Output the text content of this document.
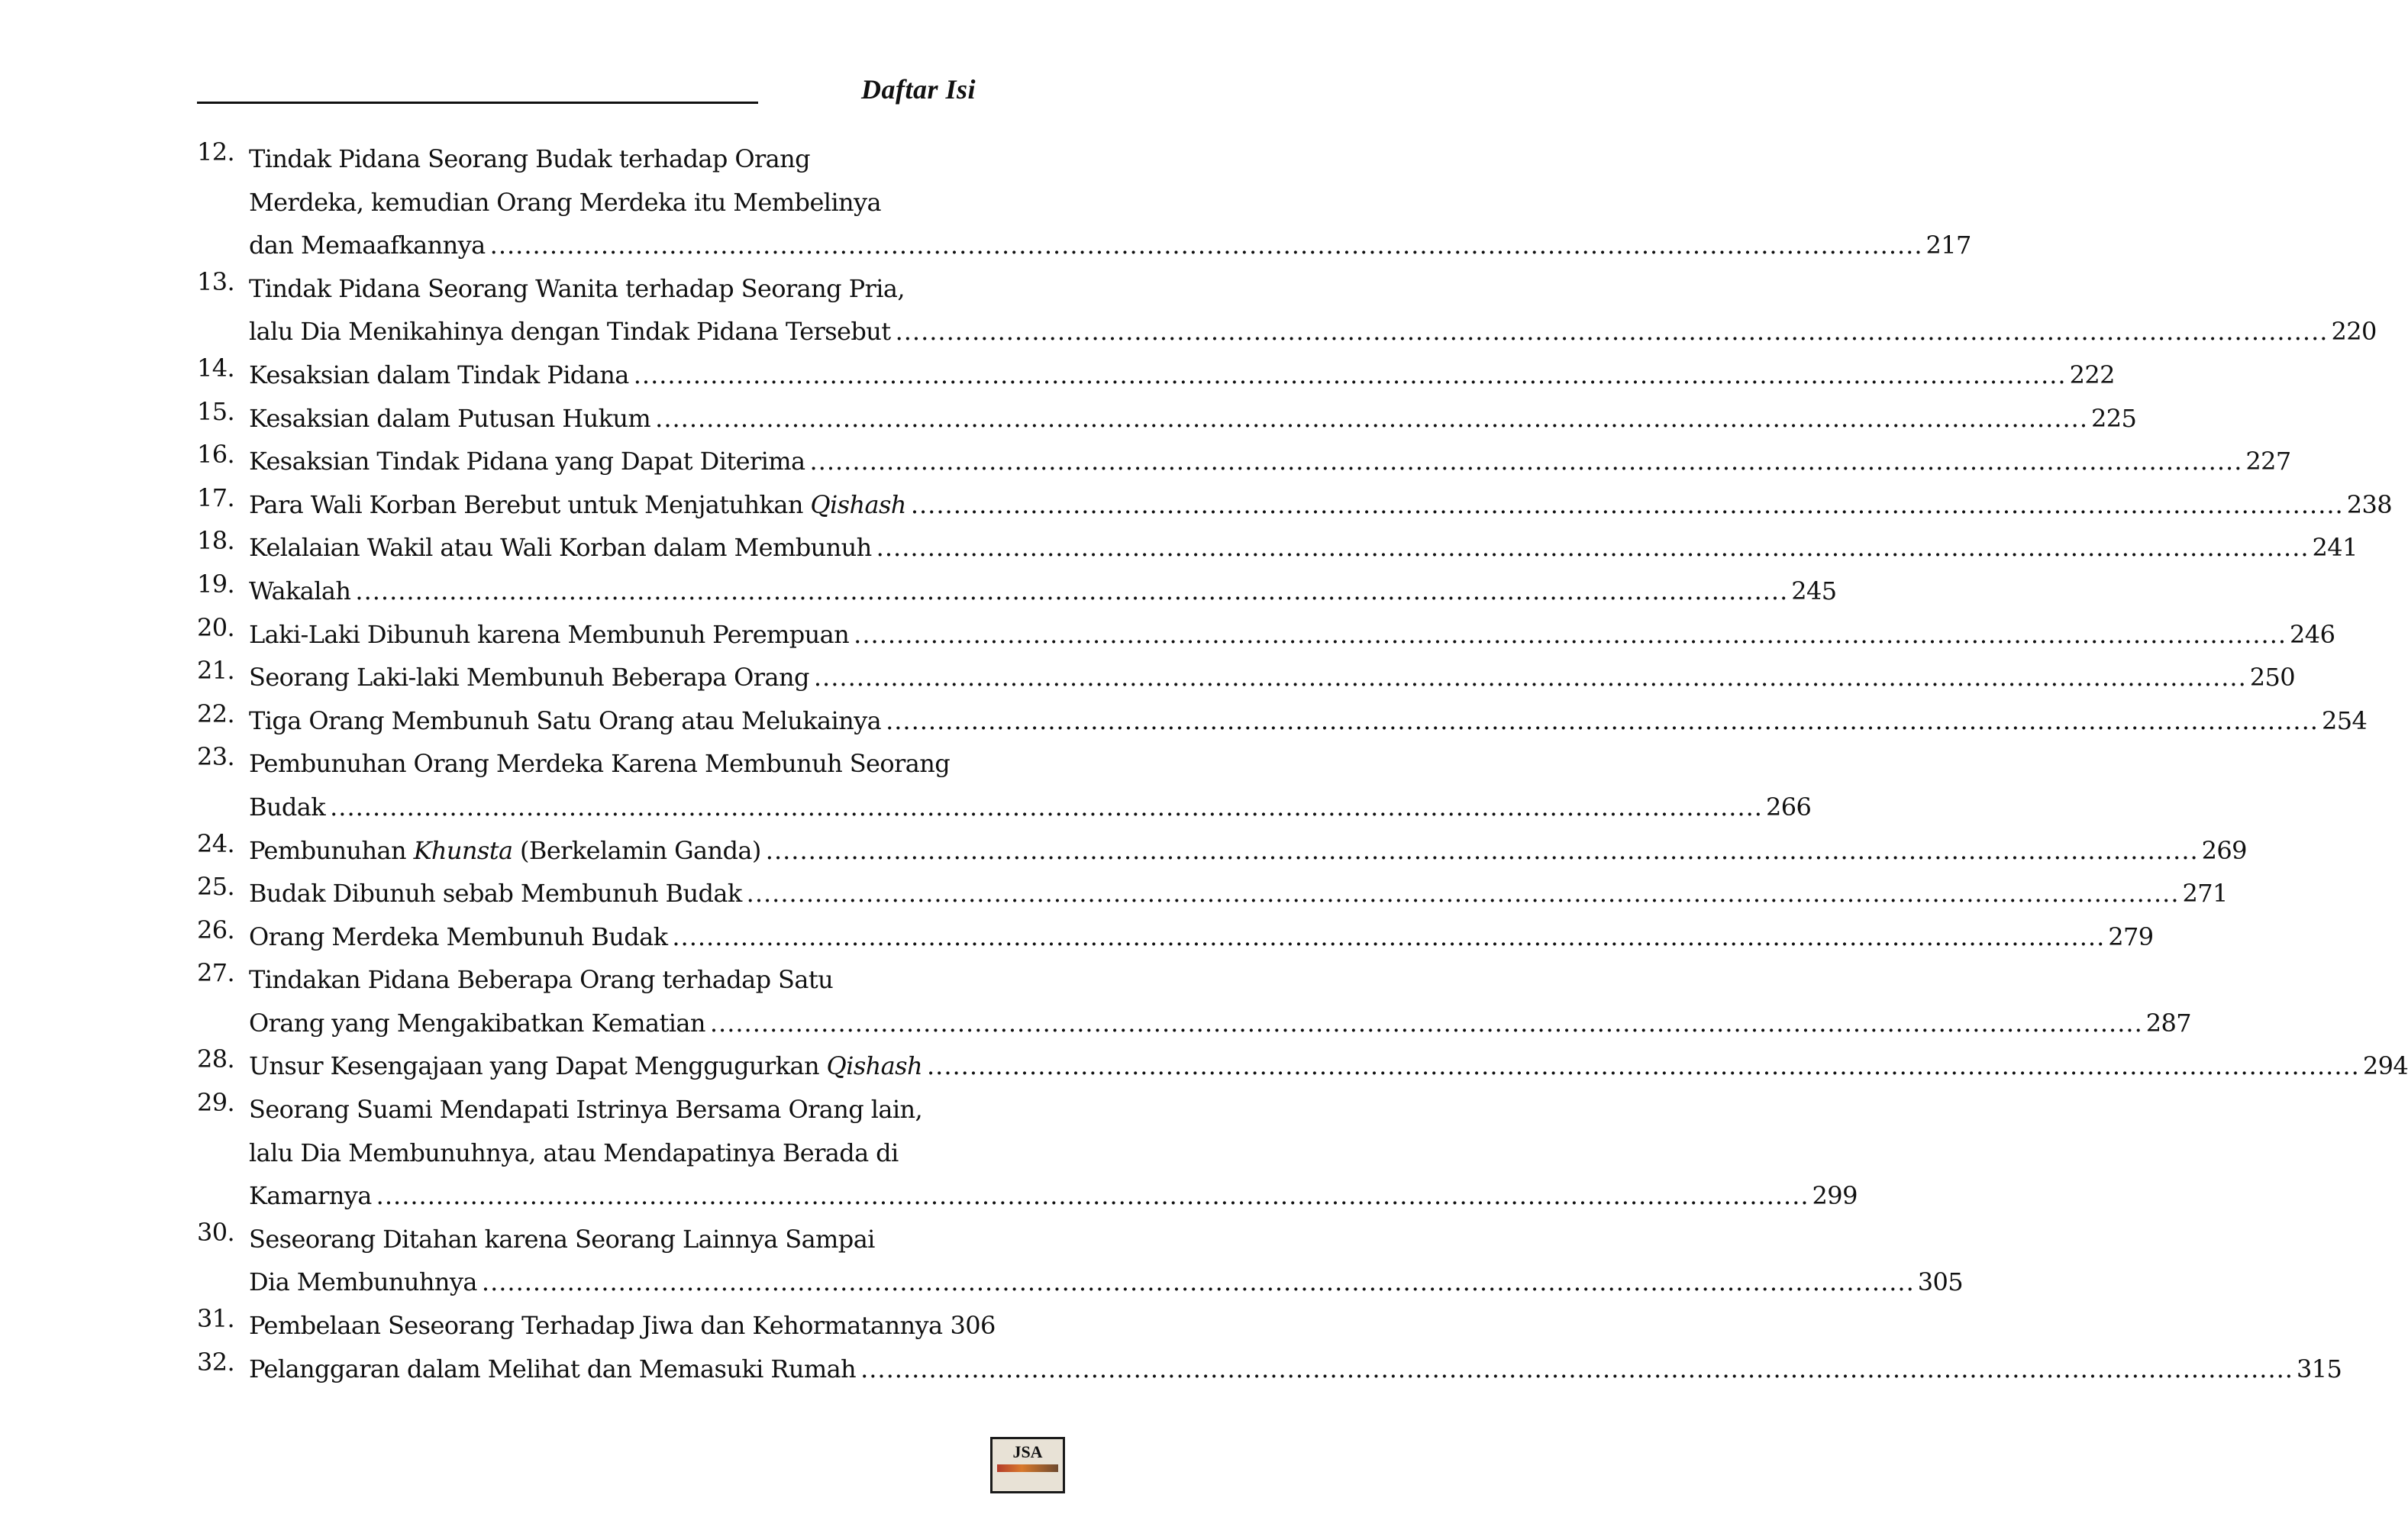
Daftar Isi
12. Tindak Pidana Seorang Budak terhadap Orang
Merdeka, kemudian Orang Merdeka itu Membelinya
dan Memaafkannya .....	217
13. Tindak Pidana Seorang Wanita terhadap Seorang Pria,
lalu Dia Menikahinya dengan Tindak Pidana Tersebut .....	220
14. Kesaksian dalam Tindak Pidana .....	222
15. Kesaksian dalam Putusan Hukum .....	225
16. Kesaksian Tindak Pidana yang Dapat Diterima .....	227
17. Para Wali Korban Berebut untuk Menjatuhkan Qishash .....	238
18. Kelalaian Wakil atau Wali Korban dalam Membunuh .....	241
19. Wakalah .....	245
20. Laki-Laki Dibunuh karena Membunuh Perempuan .....	246
21. Seorang Laki-laki Membunuh Beberapa Orang .....	250
22. Tiga Orang Membunuh Satu Orang atau Melukainya .....	254
23. Pembunuhan Orang Merdeka Karena Membunuh Seorang
Budak .....	266
24. Pembunuhan Khunsta (Berkelamin Ganda) .....	269
25. Budak Dibunuh sebab Membunuh Budak .....	271
26. Orang Merdeka Membunuh Budak .....	279
27. Tindakan Pidana Beberapa Orang terhadap Satu
Orang yang Mengakibatkan Kematian .....	287
28. Unsur Kesengajaan yang Dapat Menggugurkan Qishash .....	294
29. Seorang Suami Mendapati Istrinya Bersama Orang lain,
lalu Dia Membunuhnya, atau Mendapatinya Berada di
Kamarnya .....	299
30. Seseorang Ditahan karena Seorang Lainnya Sampai
Dia Membunuhnya .....	305
31. Pembelaan Seseorang Terhadap Jiwa dan Kehormatannya 306
32. Pelanggaran dalam Melihat dan Memasuki Rumah .....	315
JSA
